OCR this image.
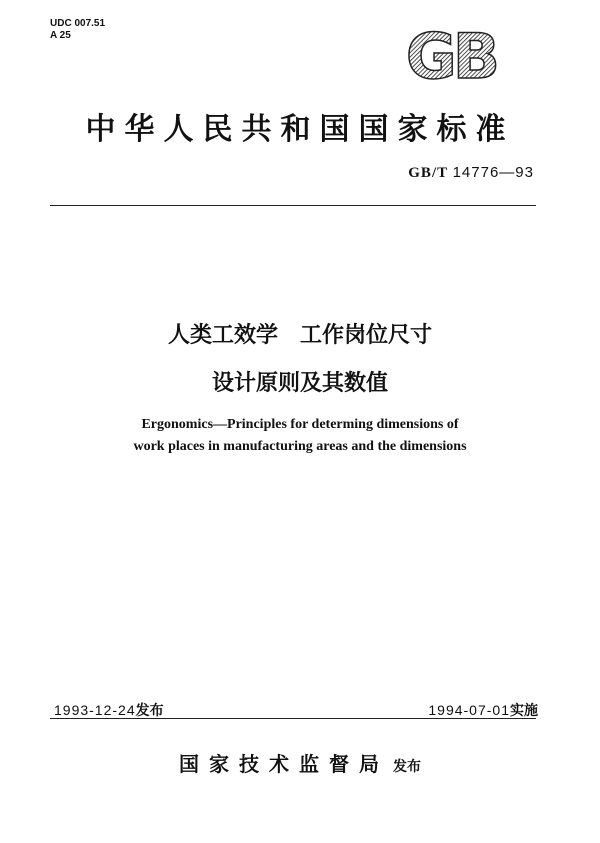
UDC 007.51
A 25	GB
中华人民共和国国家标准
GB/T 14776—93
人类工效学　工作岗位尺寸
设计原则及其数值
Ergonomics—Principles for determing dimensions of
work places in manufacturing areas and the dimensions
1993-12-24发布	1994-07-01实施
国家技术监督局 发布
